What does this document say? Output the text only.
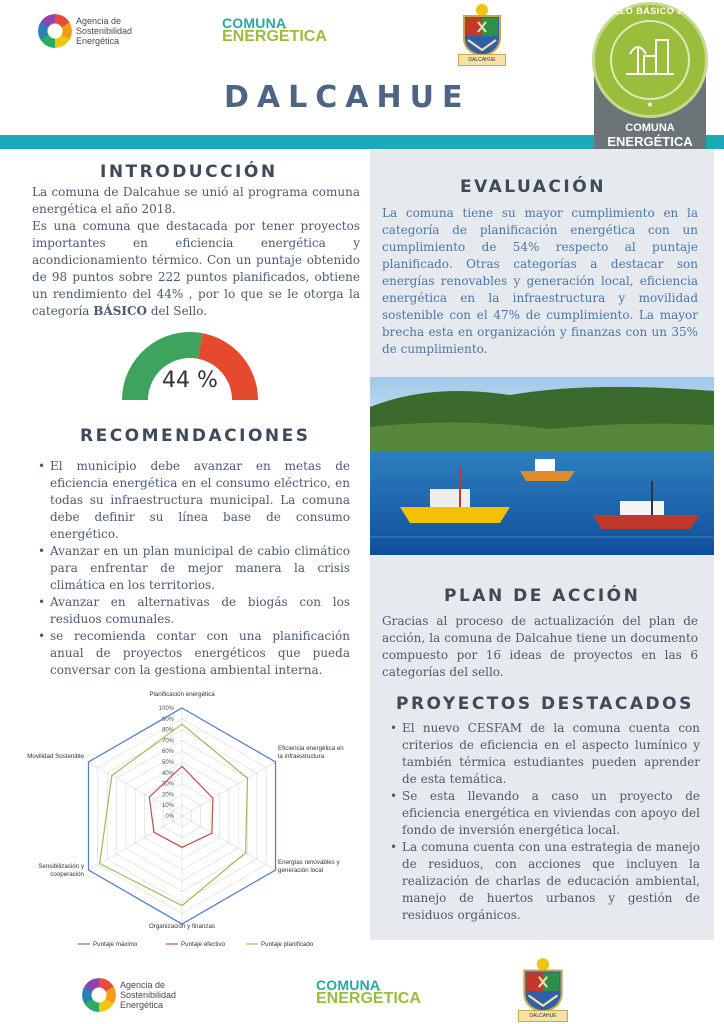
Agencia de
Sostenibilidad
Energética
COMUNA
ENERGÉTICA
DALCAHUE
DALCAHUE
SELLO BÁSICO 2021
★
COMUNA
ENERGÉTICA
INTRODUCCIÓN
La comuna de Dalcahue se unió al programa comuna energética el año 2018.
Es una comuna que destacada por tener proyectos importantes en eficiencia energética y acondicionamiento térmico. Con un puntaje obtenido de 98 puntos sobre 222 puntos planificados, obtiene un rendimiento del 44% , por lo que se le otorga la categoría BÁSICO del Sello.
44 %
RECOMENDACIONES
• El municipio debe avanzar en metas de eficiencia energética en el consumo eléctrico, en todas su infraestructura municipal. La comuna debe definir su línea base de consumo energético.
• Avanzar en un plan municipal de cabio climático para enfrentar de mejor manera la crisis climática en los territorios.
• Avanzar en alternativas de biogás con los residuos comunales.
• se recomienda contar con una planificación anual de proyectos energéticos que pueda conversar con la gestiona ambiental interna.
100%
90%
80%
70%
60%
50%
40%
30%
20%
10%
0%
Planificación energética
Eficiencia energética en la infraestructura
Energías renovables y generación local
Organización y finanzas
Sensibilización y cooperación
Movilidad Sostenible
Puntaje máximo	Puntaje efectivo	Puntaje planificado
EVALUACIÓN
La comuna tiene su mayor cumplimiento en la categoría de planificación energética con un cumplimiento de 54% respecto al puntaje planificado. Otras categorías a destacar son energías renovables y generación local, eficiencia energética en la infraestructura y movilidad sostenible con el 47% de cumplimiento. La mayor brecha esta en organización y finanzas con un 35% de cumplimiento.
PLAN DE ACCIÓN
Gracias al proceso de actualización del plan de acción, la comuna de Dalcahue tiene un documento compuesto por 16 ideas de proyectos en las 6 categorías del sello.
PROYECTOS DESTACADOS
• El nuevo CESFAM de la comuna cuenta con criterios de eficiencia en el aspecto lumínico y también térmica estudiantes pueden aprender de esta temática.
• Se esta llevando a caso un proyecto de eficiencia energética en viviendas con apoyo del fondo de inversión energética local.
• La comuna cuenta con una estrategia de manejo de residuos, con acciones que incluyen la realización de charlas de educación ambiental, manejo de huertos urbanos y gestión de residuos orgánicos.
Agencia de
Sostenibilidad
Energética
COMUNA
ENERGÉTICA
DALCAHUE
